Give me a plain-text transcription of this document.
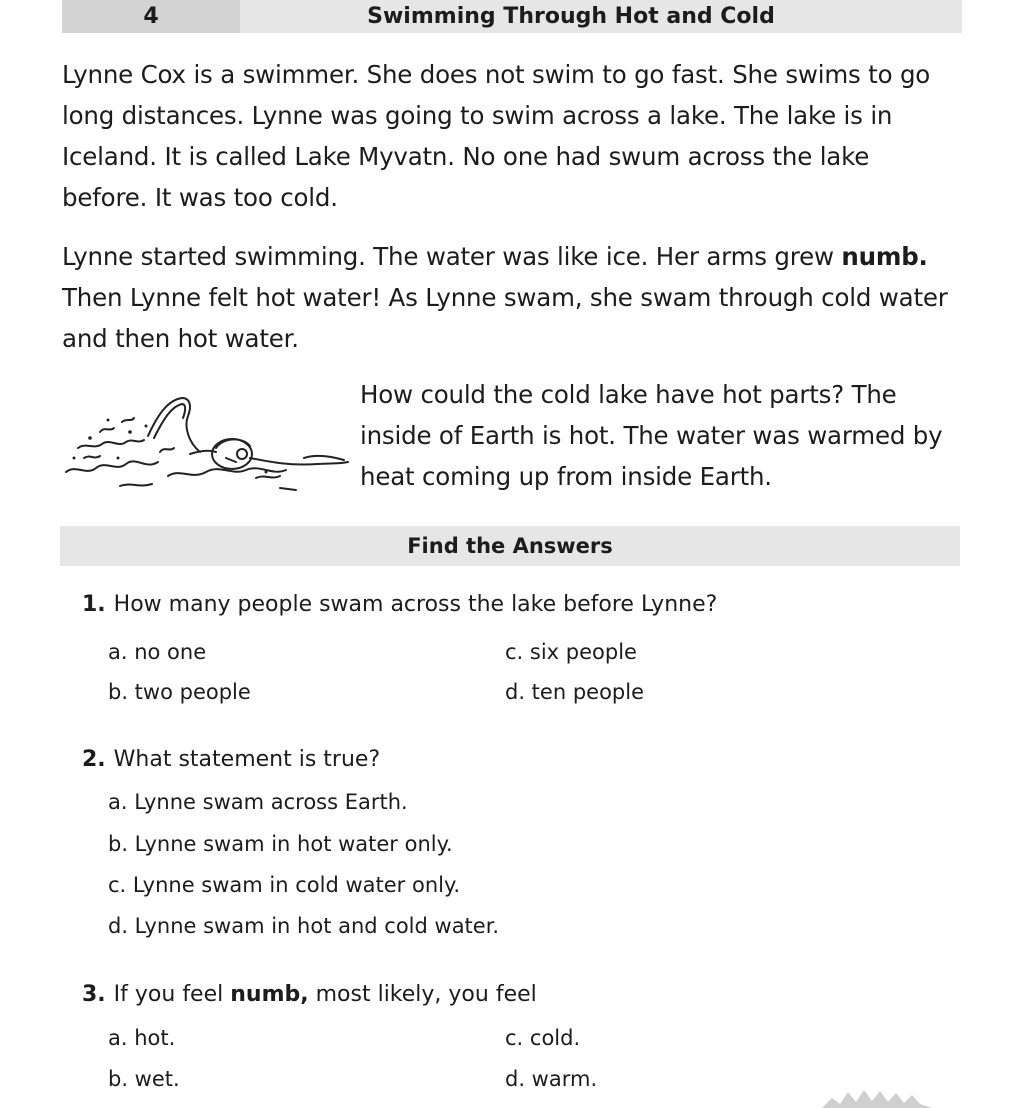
4	Swimming Through Hot and Cold

Lynne Cox is a swimmer. She does not swim to go fast. She swims to go long distances. Lynne was going to swim across a lake. The lake is in Iceland. It is called Lake Myvatn. No one had swum across the lake before. It was too cold.

Lynne started swimming. The water was like ice. Her arms grew numb. Then Lynne felt hot water! As Lynne swam, she swam through cold water and then hot water.

How could the cold lake have hot parts? The inside of Earth is hot. The water was warmed by heat coming up from inside Earth.

Find the Answers
1. How many people swam across the lake before Lynne?
a. no one
b. two people
c. six people
d. ten people
2. What statement is true?
a. Lynne swam across Earth.
b. Lynne swam in hot water only.
c. Lynne swam in cold water only.
d. Lynne swam in hot and cold water.
3. If you feel numb, most likely, you feel
a. hot.
b. wet.
c. cold.
d. warm.
